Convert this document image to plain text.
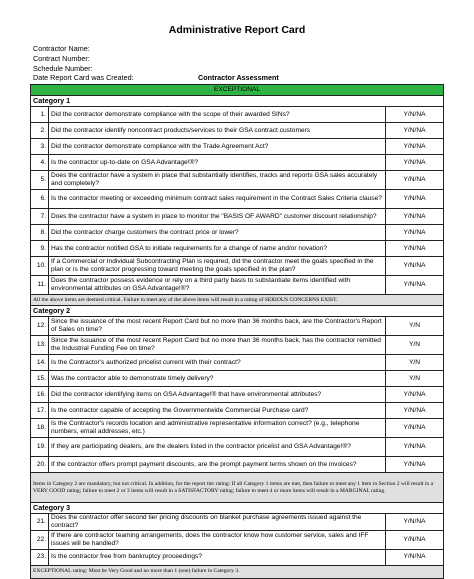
Administrative Report Card
Contractor Name:
Contract Number:
Schedule Number:
Date Report Card was Created:	Contractor Assessment
EXCEPTIONAL		
Category 1		
1.	Did the contractor demonstrate compliance with the scope of their awarded SINs?	Y/N/NA
2.	Did the contractor identify noncontract products/services to their GSA contract customers	Y/N/NA
3.	Did the contractor demonstrate compliance with the Trade Agreement Act?	Y/N/NA
4.	Is the contractor up-to-date on GSA Advantage!®?	Y/N/NA
5.	Does the contractor have a system in place that substantially identifies, tracks and reports GSA sales accurately and completely?	Y/N/NA
6.	Is the contractor meeting or exceeding minimum contract sales requirement in the Contract Sales Criteria clause?	Y/N/NA
7.	Does the contractor have a system in place to monitor the "BASIS OF AWARD" customer discount relationship?	Y/N/NA
8.	Did the contractor charge customers the contract price or lower?	Y/N/NA
9.	Has the contractor notified GSA to initiate requirements for a change of name and/or novation?	Y/N/NA
10.	If a Commercial or Individual Subcontracting Plan is required, did the contractor meet the goals specified in the plan or is the contractor progressing toward meeting the goals specified in the plan?	Y/N/NA
11.	Does the contractor possess evidence or rely on a third party basis to substantiate items identified with environmental attributes on GSA Advantage!®?	Y/N/NA
All the above items are deemed critical. Failure to meet any of the above items will result in a rating of SERIOUS CONCERNS EXIST.		
Category 2		
12.	Since the issuance of the most recent Report Card but no more than 36 months back, are the Contractor's Report of Sales on time?	Y/N
13.	Since the issuance of the most recent Report Card but no more than 36 months back, has the contractor remitted the Industrial Funding Fee on time?	Y/N
14.	Is the Contractor's authorized pricelist current with their contract?	Y/N
15.	Was the contractor able to demonstrate timely delivery?	Y/N
16.	Did the contractor identifying items on GSA Advantage!® that have environmental attributes?	Y/N/NA
17.	Is the contractor capable of accepting the Governmentwide Commercial Purchase card?	Y/N/NA
18.	Is the Contractor's records location and administrative representative information correct? (e.g., telephone numbers, email addresses, etc.)	Y/N/NA
19.	If they are participating dealers, are the dealers listed in the contractor pricelist and GSA Advantage!®?	Y/N/NA
20.	If the contractor offers prompt payment discounts, are the prompt payment terms shown on the invoices?	Y/N/NA
Items in Category 2 are mandatory, but not critical. In addition, for the report tier rating: If all Category 1 items are met, then failure to meet any 1 item in Section 2 will result in a VERY GOOD rating; failure to meet 2 or 3 items will result in a SATISFACTORY rating; failure to meet 4 or more items will result in a MARGINAL rating.		
Category 3		
21.	Does the contractor offer second tier pricing discounts on blanket purchase agreements issued against the contract?	Y/N/NA
22.	If there are contractor teaming arrangements, does the contractor know how customer service, sales and IFF issues will be handled?	Y/N/NA
23.	Is the contractor free from bankruptcy proceedings?	Y/N/NA
EXCEPTIONAL rating: Must be Very Good and no more than 1 (one) failure in Category 3.		
